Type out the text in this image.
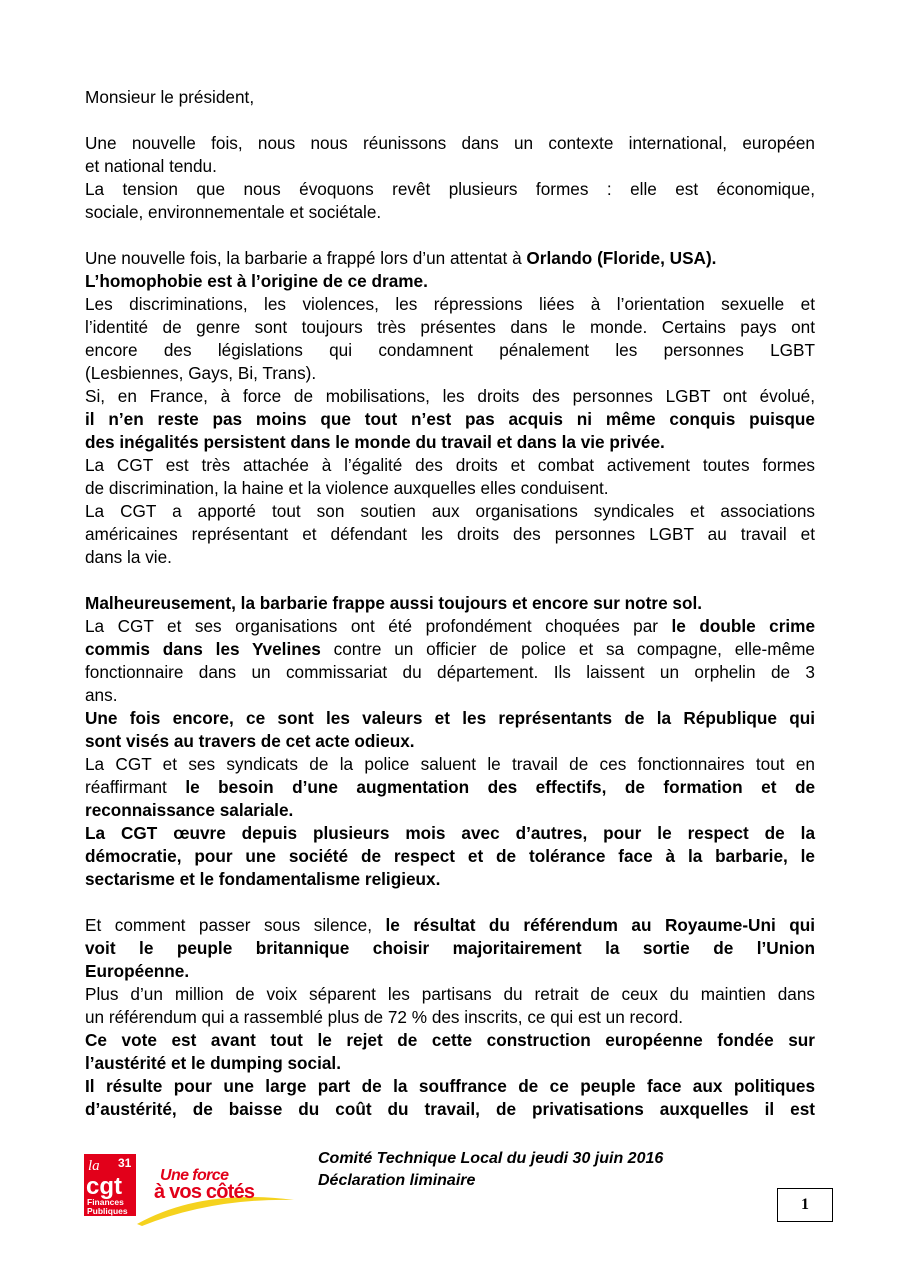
Monsieur le président,

Une nouvelle fois, nous nous réunissons dans un contexte international, européen

et national tendu.

La tension que nous évoquons revêt plusieurs formes : elle est économique,

sociale, environnementale et sociétale.

Une nouvelle fois, la barbarie a frappé lors d’un attentat à Orlando (Floride, USA).

L’homophobie est à l’origine de ce drame.

Les discriminations, les violences, les répressions liées à l’orientation sexuelle et

l’identité de genre sont toujours très présentes dans le monde. Certains pays ont

encore des législations qui condamnent pénalement les personnes LGBT

(Lesbiennes, Gays, Bi, Trans).

Si, en France, à force de mobilisations, les droits des personnes LGBT ont évolué,

il n’en reste pas moins que tout n’est pas acquis ni même conquis puisque

des inégalités persistent dans le monde du travail et dans la vie privée.

La CGT est très attachée à l’égalité des droits et combat activement toutes formes

de discrimination, la haine et la violence auxquelles elles conduisent.

La CGT a apporté tout son soutien aux organisations syndicales et associations

américaines représentant et défendant les droits des personnes LGBT au travail et

dans la vie.

Malheureusement, la barbarie frappe aussi toujours et encore sur notre sol.

La CGT et ses organisations ont été profondément choquées par le double crime

commis dans les Yvelines contre un officier de police et sa compagne, elle-même

fonctionnaire dans un commissariat du département. Ils laissent un orphelin de 3

ans.

Une fois encore, ce sont les valeurs et les représentants de la République qui

sont visés au travers de cet acte odieux.

La CGT et ses syndicats de la police saluent le travail de ces fonctionnaires tout en

réaffirmant le besoin d’une augmentation des effectifs, de formation et de

reconnaissance salariale.

La CGT œuvre depuis plusieurs mois avec d’autres, pour le respect de la

démocratie, pour une société de respect et de tolérance face à la barbarie, le

sectarisme et le fondamentalisme religieux.

Et comment passer sous silence, le résultat du référendum au Royaume-Uni qui

voit le peuple britannique choisir majoritairement la sortie de l’Union

Européenne.

Plus d’un million de voix séparent les partisans du retrait de ceux du maintien dans

un référendum qui a rassemblé plus de 72 % des inscrits, ce qui est un record.

Ce vote est avant tout le rejet de cette construction européenne fondée sur

l’austérité et le dumping social.

Il résulte pour une large part de la souffrance de ce peuple face aux politiques

d’austérité, de baisse du coût du travail, de privatisations auxquelles il est

la 31
cgt
Finances
Publiques
Une force
à vos côtés
Comité Technique Local du jeudi 30 juin 2016
Déclaration liminaire
1
